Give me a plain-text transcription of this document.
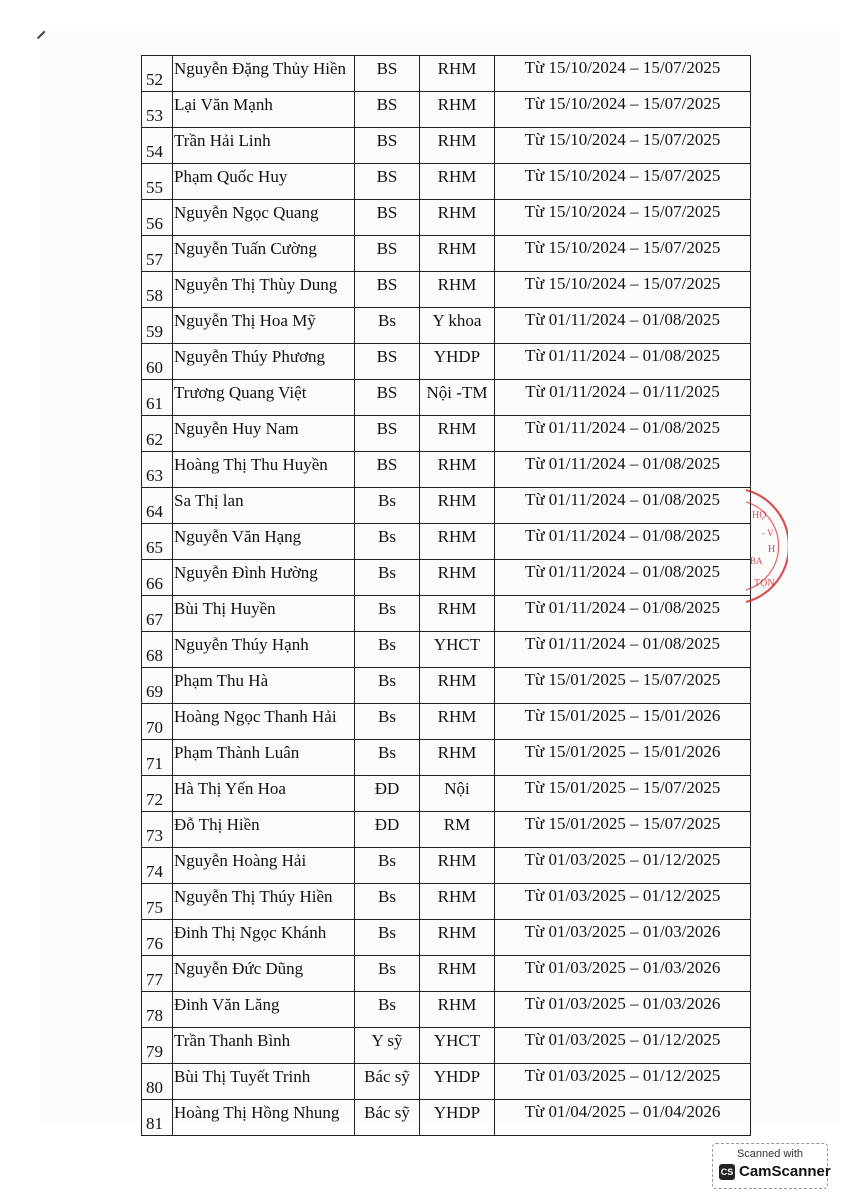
52	Nguyễn Đặng Thủy Hiền	BS	RHM	Từ 15/10/2024 – 15/07/2025
53	Lại Văn Mạnh	BS	RHM	Từ 15/10/2024 – 15/07/2025
54	Trần Hải Linh	BS	RHM	Từ 15/10/2024 – 15/07/2025
55	Phạm Quốc Huy	BS	RHM	Từ 15/10/2024 – 15/07/2025
56	Nguyễn Ngọc Quang	BS	RHM	Từ 15/10/2024 – 15/07/2025
57	Nguyễn Tuấn Cường	BS	RHM	Từ 15/10/2024 – 15/07/2025
58	Nguyễn Thị Thùy Dung	BS	RHM	Từ 15/10/2024 – 15/07/2025
59	Nguyễn Thị Hoa Mỹ	Bs	Y khoa	Từ 01/11/2024 – 01/08/2025
60	Nguyễn Thúy Phương	BS	YHDP	Từ 01/11/2024 – 01/08/2025
61	Trương Quang Việt	BS	Nội -TM	Từ 01/11/2024 – 01/11/2025
62	Nguyễn Huy Nam	BS	RHM	Từ 01/11/2024 – 01/08/2025
63	Hoàng Thị Thu Huyền	BS	RHM	Từ 01/11/2024 – 01/08/2025
64	Sa Thị lan	Bs	RHM	Từ 01/11/2024 – 01/08/2025
65	Nguyễn Văn Hạng	Bs	RHM	Từ 01/11/2024 – 01/08/2025
66	Nguyễn Đình Hường	Bs	RHM	Từ 01/11/2024 – 01/08/2025
67	Bùi Thị Huyền	Bs	RHM	Từ 01/11/2024 – 01/08/2025
68	Nguyễn Thúy Hạnh	Bs	YHCT	Từ 01/11/2024 – 01/08/2025
69	Phạm Thu Hà	Bs	RHM	Từ 15/01/2025 – 15/07/2025
70	Hoàng Ngọc Thanh Hải	Bs	RHM	Từ 15/01/2025 – 15/01/2026
71	Phạm Thành Luân	Bs	RHM	Từ 15/01/2025 – 15/01/2026
72	Hà Thị Yến Hoa	ĐD	Nội	Từ 15/01/2025 – 15/07/2025
73	Đỗ Thị Hiền	ĐD	RM	Từ 15/01/2025 – 15/07/2025
74	Nguyễn Hoàng Hải	Bs	RHM	Từ 01/03/2025 – 01/12/2025
75	Nguyễn Thị Thúy Hiền	Bs	RHM	Từ 01/03/2025 – 01/12/2025
76	Đinh Thị Ngọc Khánh	Bs	RHM	Từ 01/03/2025 – 01/03/2026
77	Nguyễn Đức Dũng	Bs	RHM	Từ 01/03/2025 – 01/03/2026
78	Đinh Văn Lăng	Bs	RHM	Từ 01/03/2025 – 01/03/2026
79	Trần Thanh Bình	Y sỹ	YHCT	Từ 01/03/2025 – 01/12/2025
80	Bùi Thị Tuyết Trinh	Bác sỹ	YHDP	Từ 01/03/2025 – 01/12/2025
81	Hoàng Thị Hồng Nhung	Bác sỹ	YHDP	Từ 01/04/2025 – 01/04/2026
HỌ
- V
BA
H
TỌN
Scanned with
CS CamScanner
